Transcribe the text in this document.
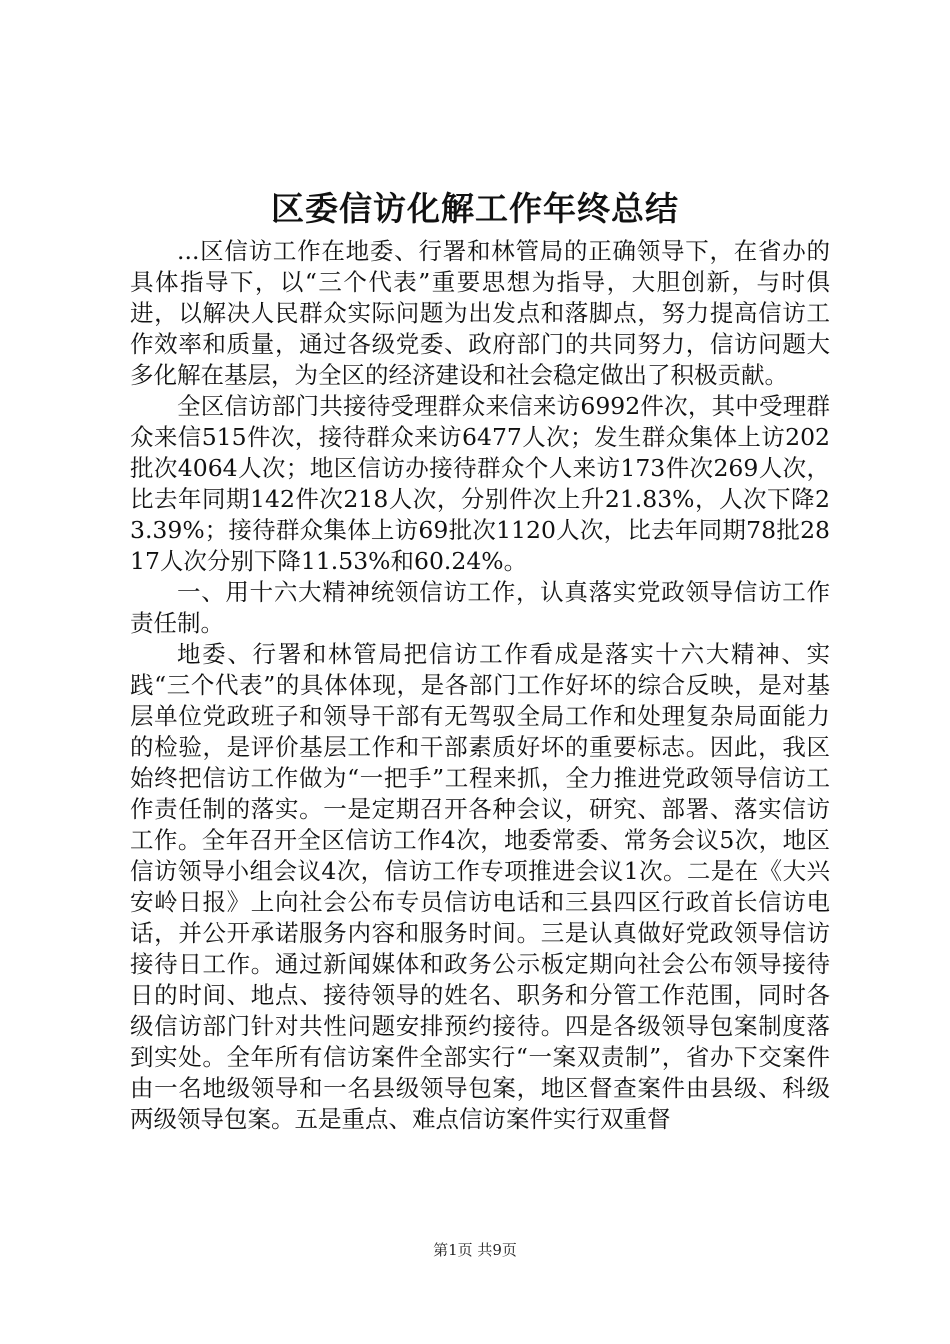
区委信访化解工作年终总结

...区信访工作在地委、行署和林管局的正确领导下，在省办的具体指导下，以“三个代表”重要思想为指导，大胆创新，与时俱进，以解决人民群众实际问题为出发点和落脚点，努力提高信访工作效率和质量，通过各级党委、政府部门的共同努力，信访问题大多化解在基层，为全区的经济建设和社会稳定做出了积极贡献。

全区信访部门共接待受理群众来信来访6992件次，其中受理群众来信515件次，接待群众来访6477人次；发生群众集体上访202批次4064人次；地区信访办接待群众个人来访173件次269人次，比去年同期142件次218人次，分别件次上升21.83%，人次下降23.39%；接待群众集体上访69批次1120人次，比去年同期78批2817人次分别下降11.53%和60.24%。

一、用十六大精神统领信访工作，认真落实党政领导信访工作责任制。

地委、行署和林管局把信访工作看成是落实十六大精神、实践“三个代表”的具体体现，是各部门工作好坏的综合反映，是对基层单位党政班子和领导干部有无驾驭全局工作和处理复杂局面能力的检验，是评价基层工作和干部素质好坏的重要标志。因此，我区始终把信访工作做为“一把手”工程来抓，全力推进党政领导信访工作责任制的落实。一是定期召开各种会议，研究、部署、落实信访工作。全年召开全区信访工作4次，地委常委、常务会议5次，地区信访领导小组会议4次，信访工作专项推进会议1次。二是在《大兴安岭日报》上向社会公布专员信访电话和三县四区行政首长信访电话，并公开承诺服务内容和服务时间。三是认真做好党政领导信访接待日工作。通过新闻媒体和政务公示板定期向社会公布领导接待日的时间、地点、接待领导的姓名、职务和分管工作范围，同时各级信访部门针对共性问题安排预约接待。四是各级领导包案制度落到实处。全年所有信访案件全部实行“一案双责制”，省办下交案件由一名地级领导和一名县级领导包案，地区督查案件由县级、科级两级领导包案。五是重点、难点信访案件实行双重督

第1页 共9页
